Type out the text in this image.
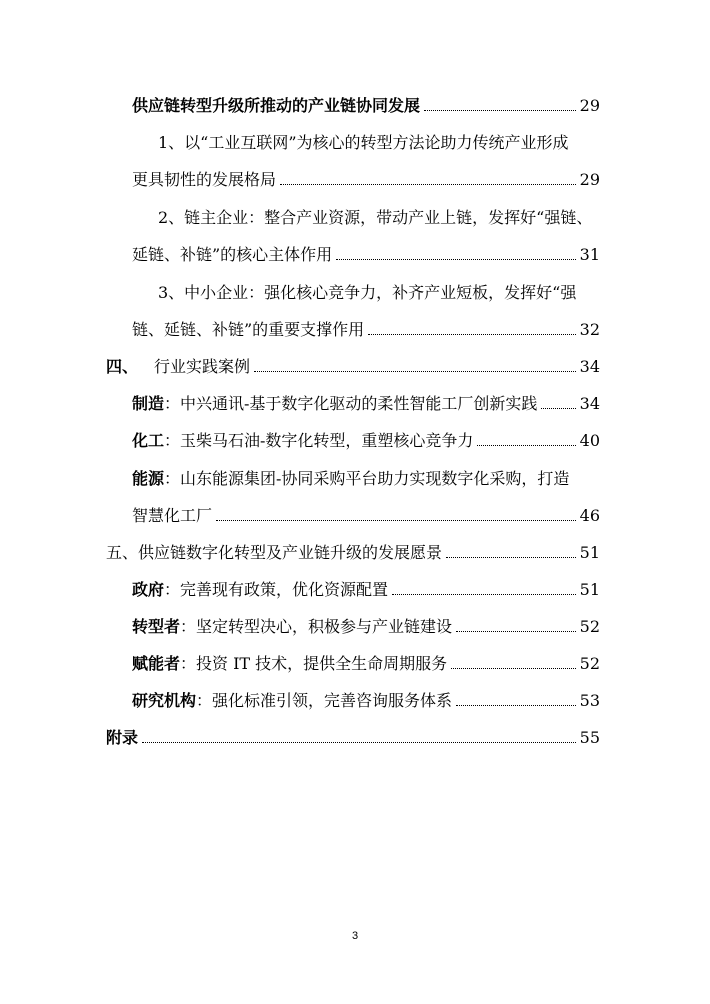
供应链转型升级所推动的产业链协同发展	29
1、以“工业互联网”为核心的转型方法论助力传统产业形成
更具韧性的发展格局	29
2、链主企业：整合产业资源，带动产业上链，发挥好“强链、
延链、补链”的核心主体作用	31
3、中小企业：强化核心竞争力，补齐产业短板，发挥好“强
链、延链、补链”的重要支撑作用	32
四、 行业实践案例	34
制造 ：中兴通讯-基于数字化驱动的柔性智能工厂创新实践	34
化工 ：玉柴马石油-数字化转型，重塑核心竞争力	40
能源：山东能源集团-协同采购平台助力实现数字化采购，打造
智慧化工厂	46
五、供应链数字化转型及产业链升级的发展愿景	51
政府 ：完善现有政策，优化资源配置	51
转型者 ：坚定转型决心，积极参与产业链建设	52
赋能者 ：投资 IT 技术，提供全生命周期服务	52
研究机构 ：强化标准引领，完善咨询服务体系	53
附录	55
3
